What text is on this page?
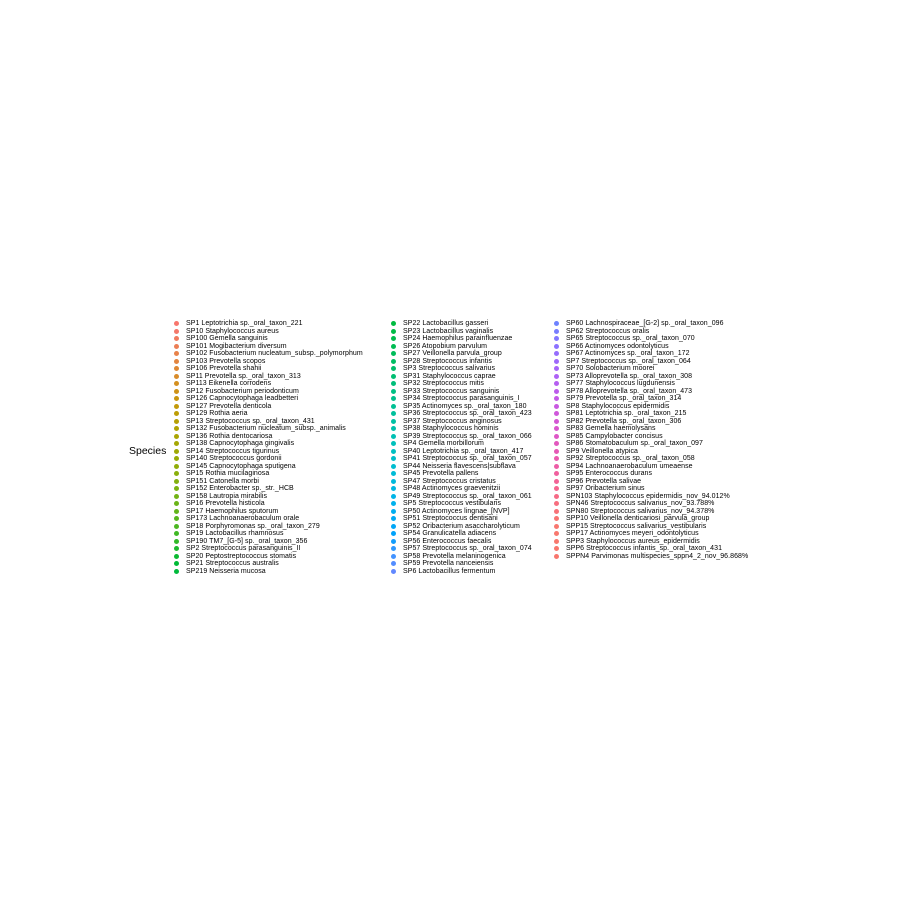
Species
SP1 Leptotrichia sp._oral_taxon_221
SP10 Staphylococcus aureus
SP100 Gemella sanguinis
SP101 Mogibacterium diversum
SP102 Fusobacterium nucleatum_subsp._polymorphum
SP103 Prevotella scopos
SP106 Prevotella shahii
SP11 Prevotella sp._oral_taxon_313
SP113 Eikenella corrodens
SP12 Fusobacterium periodonticum
SP126 Capnocytophaga leadbetteri
SP127 Prevotella denticola
SP129 Rothia aeria
SP13 Streptococcus sp._oral_taxon_431
SP132 Fusobacterium nucleatum_subsp._animalis
SP136 Rothia dentocariosa
SP138 Capnocytophaga gingivalis
SP14 Streptococcus tigurinus
SP140 Streptococcus gordonii
SP145 Capnocytophaga sputigena
SP15 Rothia mucilaginosa
SP151 Catonella morbi
SP152 Enterobacter sp._str._HCB
SP158 Lautropia mirabilis
SP16 Prevotella histicola
SP17 Haemophilus sputorum
SP173 Lachnoanaerobaculum orale
SP18 Porphyromonas sp._oral_taxon_279
SP19 Lactobacillus rhamnosus
SP190 TM7_[G-5] sp._oral_taxon_356
SP2 Streptococcus parasanguinis_II
SP20 Peptostreptococcus stomatis
SP21 Streptococcus australis
SP219 Neisseria mucosa
SP22 Lactobacillus gasseri
SP23 Lactobacillus vaginalis
SP24 Haemophilus parainfluenzae
SP26 Atopobium parvulum
SP27 Veillonella parvula_group
SP28 Streptococcus infantis
SP3 Streptococcus salivarius
SP31 Staphylococcus caprae
SP32 Streptococcus mitis
SP33 Streptococcus sanguinis
SP34 Streptococcus parasanguinis_I
SP35 Actinomyces sp._oral_taxon_180
SP36 Streptococcus sp._oral_taxon_423
SP37 Streptococcus anginosus
SP38 Staphylococcus hominis
SP39 Streptococcus sp._oral_taxon_066
SP4 Gemella morbillorum
SP40 Leptotrichia sp._oral_taxon_417
SP41 Streptococcus sp._oral_taxon_057
SP44 Neisseria flavescens|subflava
SP45 Prevotella pallens
SP47 Streptococcus cristatus
SP48 Actinomyces graevenitzii
SP49 Streptococcus sp._oral_taxon_061
SP5 Streptococcus vestibularis
SP50 Actinomyces lingnae_[NVP]
SP51 Streptococcus dentisani
SP52 Oribacterium asaccharolyticum
SP54 Granulicatella adiacens
SP56 Enterococcus faecalis
SP57 Streptococcus sp._oral_taxon_074
SP58 Prevotella melaninogenica
SP59 Prevotella nanceiensis
SP6 Lactobacillus fermentum
SP60 Lachnospiraceae_[G-2] sp._oral_taxon_096
SP62 Streptococcus oralis
SP65 Streptococcus sp._oral_taxon_070
SP66 Actinomyces odontolyticus
SP67 Actinomyces sp._oral_taxon_172
SP7 Streptococcus sp._oral_taxon_064
SP70 Solobacterium moorei
SP73 Alloprevotella sp._oral_taxon_308
SP77 Staphylococcus lugdunensis
SP78 Alloprevotella sp._oral_taxon_473
SP79 Prevotella sp._oral_taxon_314
SP8 Staphylococcus epidermidis
SP81 Leptotrichia sp._oral_taxon_215
SP82 Prevotella sp._oral_taxon_306
SP83 Gemella haemolysans
SP85 Campylobacter concisus
SP86 Stomatobaculum sp._oral_taxon_097
SP9 Veillonella atypica
SP92 Streptococcus sp._oral_taxon_058
SP94 Lachnoanaerobaculum umeaense
SP95 Enterococcus durans
SP96 Prevotella salivae
SP97 Oribacterium sinus
SPN103 Staphylococcus epidermidis_nov_94.012%
SPN46 Streptococcus salivarius_nov_93.788%
SPN80 Streptococcus salivarius_nov_94.378%
SPP10 Veillonella denticariosi_parvula_group
SPP15 Streptococcus salivarius_vestibularis
SPP17 Actinomyces meyeri_odontolyticus
SPP3 Staphylococcus aureus_epidermidis
SPP6 Streptococcus infantis_sp._oral_taxon_431
SPPN4 Parvimonas multispecies_sppn4_2_nov_96.868%
